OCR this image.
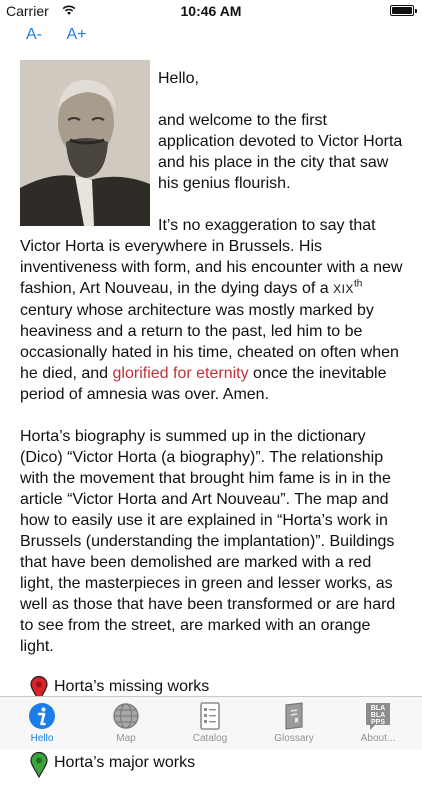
Carrier	10:46 AM
A- A+

Hello,

and welcome to the first application devoted to Victor Horta and his place in the city that saw his genius flourish.

It’s no exaggeration to say that Victor Horta is everywhere in Brussels. His inventiveness with form, and his encounter with a new fashion, Art Nouveau, in the dying days of a XIXth century whose architecture was mostly marked by heaviness and a return to the past, led him to be occasionally hated in his time, cheated on often when he died, and glorified for eternity once the inevitable period of amnesia was over. Amen.

Horta’s biography is summed up in the dictionary (Dico) “Victor Horta (a biography)”. The relationship with the movement that brought him fame is in in the article “Victor Horta and Art Nouveau”. The map and how to easily use it are explained in “Horta’s work in Brussels (understanding the implantation)”. Buildings that have been demolished are marked with a red light, the masterpieces in green and lesser works, as well as those that have been transformed or are hard to see from the street, are marked with an orange light.

Horta’s missing works
Horta’s major works
Hello	Map	Catalog	Glossary
BLA
BLA
PPS
About...
